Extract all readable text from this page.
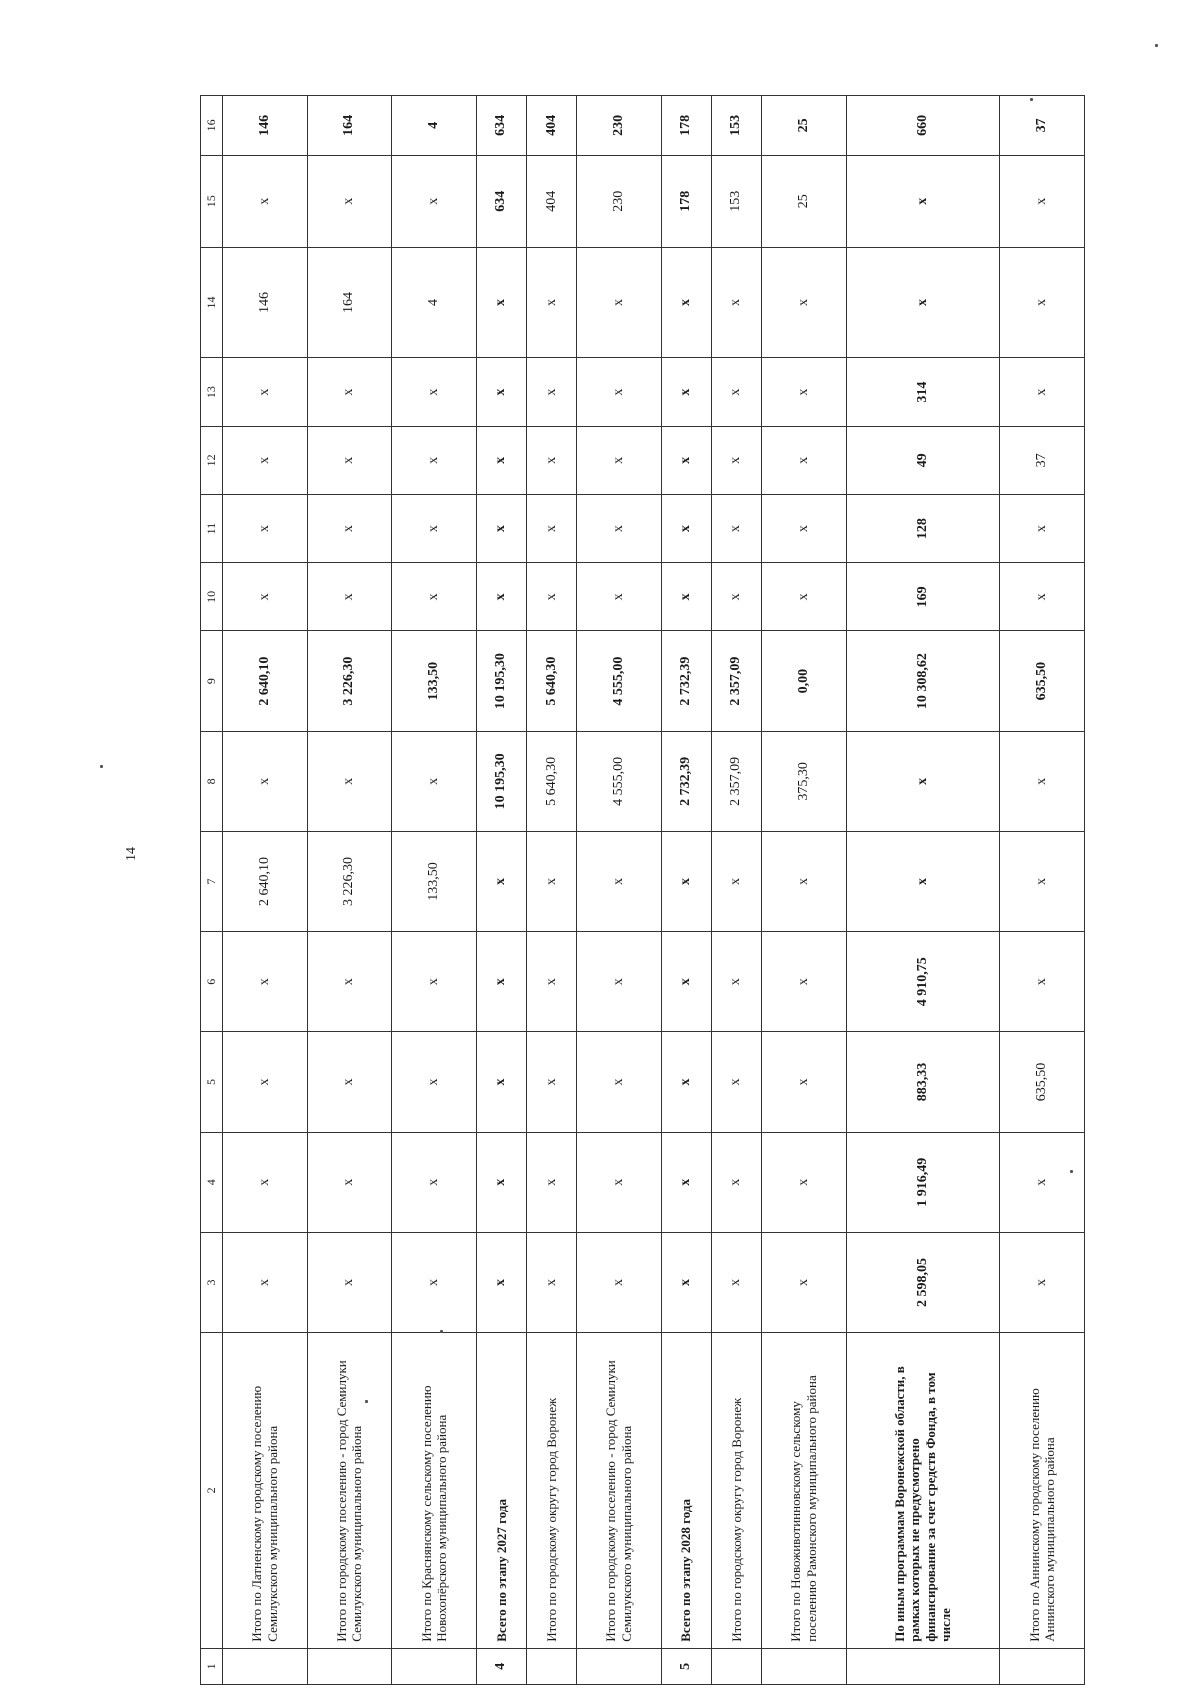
14
1	2	3	4	5	6	7	8	9	10	11	12	13	14	15	16
	Итого по Латненскому городскому поселению Семилукского муниципального района	х	х	х	х	2 640,10	х	2 640,10	х	х	х	х	146	х	146
	Итого по городскому поселению - город Семилуки Семилукского муниципального района	х	х	х	х	3 226,30	х	3 226,30	х	х	х	х	164	х	164
	Итого по Краснянскому сельскому поселению Новохопёрского муниципального района	х	х	х	х	133,50	х	133,50	х	х	х	х	4	х	4
4	Всего по этапу 2027 года	х	х	х	х	х	10 195,30	10 195,30	х	х	х	х	х	634	634
	Итого по городскому округу город Воронеж	х	х	х	х	х	5 640,30	5 640,30	х	х	х	х	х	404	404
	Итого по городскому поселению - город Семилуки Семилукского муниципального района	х	х	х	х	х	4 555,00	4 555,00	х	х	х	х	х	230	230
5	Всего по этапу 2028 года	х	х	х	х	х	2 732,39	2 732,39	х	х	х	х	х	178	178
	Итого по городскому округу город Воронеж	х	х	х	х	х	2 357,09	2 357,09	х	х	х	х	х	153	153
	Итого по Новоживотинновскому сельскому поселению Рамонского муниципального района	х	х	х	х	х	375,30	0,00	х	х	х	х	х	25	25
	По иным программам Воронежской области, в рамках которых не предусмотрено финансирование за счет средств Фонда, в том числе	2 598,05	1 916,49	883,33	4 910,75	х	х	10 308,62	169	128	49	314	х	х	660
	Итого по Аннинскому городскому поселению Аннинского муниципального района	х	х	635,50	х	х	х	635,50	х	х	37	х	х	х	37
